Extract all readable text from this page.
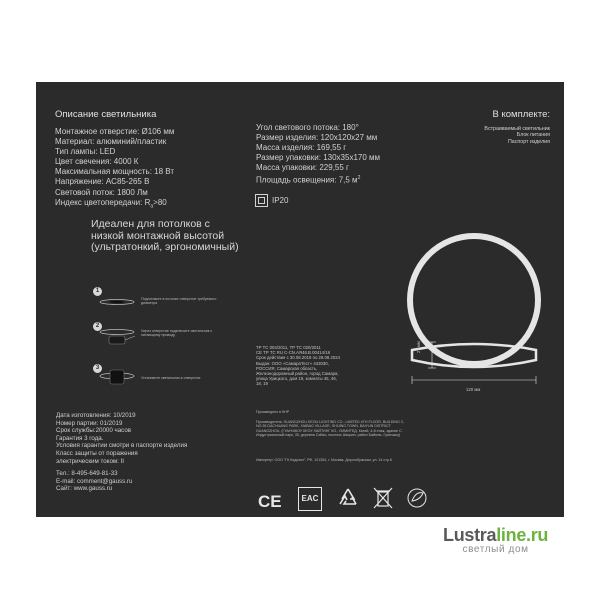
Описание светильника
Монтажное отверстие: Ø106 мм
Материал: алюминий/пластик
Тип лампы: LED
Цвет свечения: 4000 К
Максимальная мощность: 18 Вт
Напряжение: AC85-265 В
Световой поток: 1800 Лм
Индекс цветопередачи: $R_a>80$
Угол светового потока: 180°
Размер изделия: 120х120х27 мм
Масса изделия: 169,55 г
Размер упаковки: 130х35х170 мм
Масса упаковки: 229,55 г
Площадь освещения: 7,5 $м^2$
IP20
В комплекте:
Встраиваемый светильник
Блок питания
Паспорт изделия
Идеален для потолков с низкой монтажной высотой (ультратонкий, эргономичный)
1
Подготовьте в потолке отверстие требуемого диаметра
2
Через отверстие подключите светильник к питающему проводу
3
Установите светильник в отверстие
27 мм
120 мм
ТР ТС 004/2011, ТР ТС 020/2011
СЕ ТР ТС RU С-CN.АЯ46.В.00414/19
Срок действия с 30.08.2019 по 29.08.2024
Выдан: ООО «СамараТест» 443030,
РОССИЯ, Самарская область,
Железнодорожный район, город Самара,
улица Урицкого, дом 19, комнаты 45, 46,
18, 19
Произведено в КНР
Производитель: GUANGZHOU KEOU LIGHTING CO., LIMITED 4TH FLOOR, BUILDING C, NO.35 DACHUANG PARK, XIABAO VILLAGE, SHIJING TOWN, BAIYUN DISTRICT GUANGZHOU. (ГУАНЧЖОУ КЕОУ ЛАЙТИНГ КО., ЛИМИТЕД. Китай, 4-й этаж, здание С, Индустриальный парк, 35, деревня Сябао, поселок Шицзин, район Байюнь, Гуанчжоу)
Импортер: ООО "ГК Кодизэл", РФ, 121354, г. Москва, Дорогобужская, ул. 14 стр.6
Дата изготовления: 10/2019
Номер партии: 01/2019
Срок службы:20000 часов
Гарантия 3 года.
Условия гарантии смотри в паспорте изделия
Класс защиты от поражения
электрическим током: II
Тел.: 8-495-649-81-33
E-mail: comment@gauss.ru
Сайт: www.gauss.ru
CE	EAC
Lustraline.ru
светлый дом
